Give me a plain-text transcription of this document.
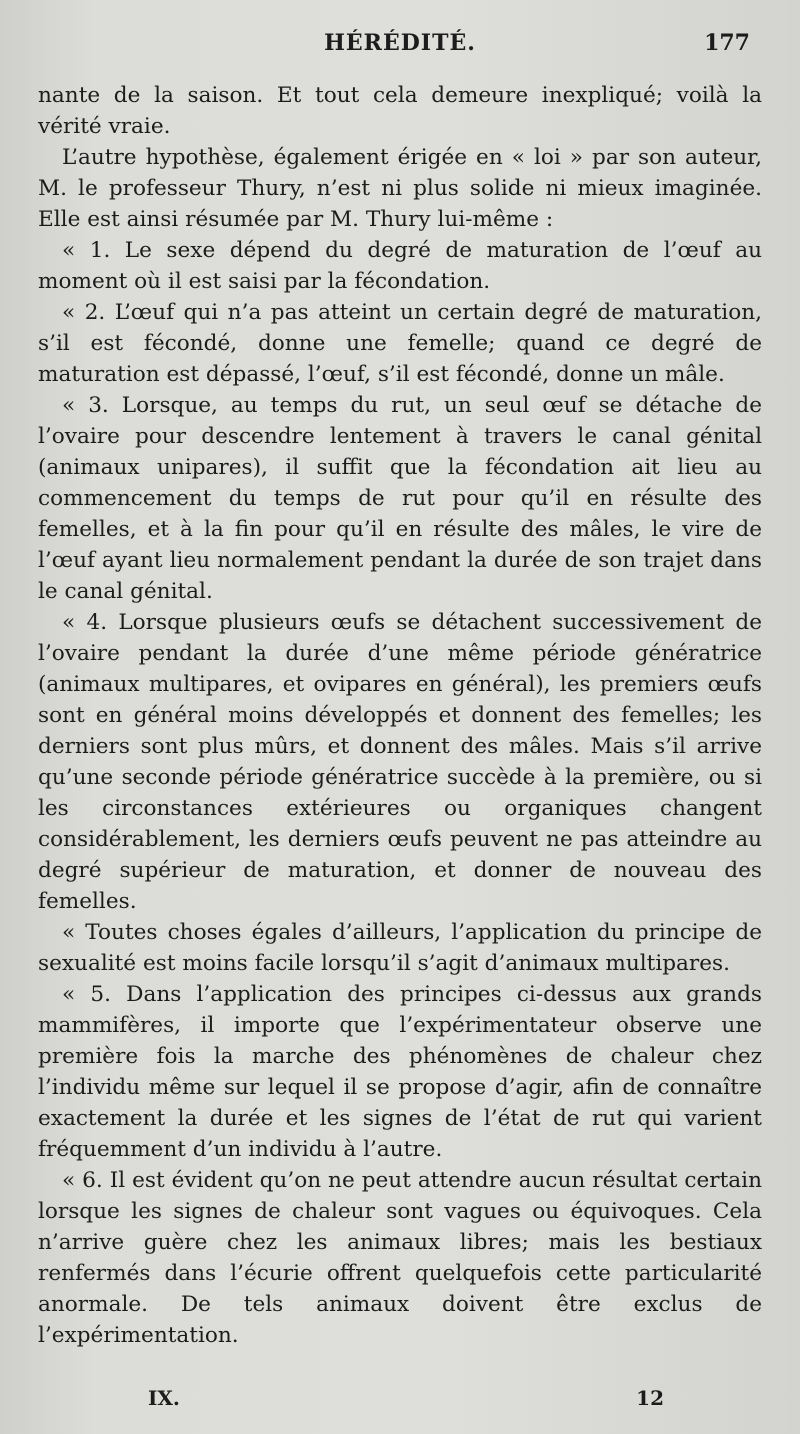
HÉRÉDITÉ.	177

nante de la saison. Et tout cela demeure inexpliqué; voilà la vérité vraie.

L’autre hypothèse, également érigée en « loi » par son auteur, M. le professeur Thury, n’est ni plus solide ni mieux imaginée. Elle est ainsi résumée par M. Thury lui-même :

« 1. Le sexe dépend du degré de maturation de l’œuf au moment où il est saisi par la fécondation.

« 2. L’œuf qui n’a pas atteint un certain degré de maturation, s’il est fécondé, donne une femelle; quand ce degré de maturation est dépassé, l’œuf, s’il est fécondé, donne un mâle.

« 3. Lorsque, au temps du rut, un seul œuf se détache de l’ovaire pour descendre lentement à travers le canal génital (animaux unipares), il suffit que la fécondation ait lieu au commencement du temps de rut pour qu’il en résulte des femelles, et à la fin pour qu’il en résulte des mâles, le vire de l’œuf ayant lieu normalement pendant la durée de son trajet dans le canal génital.

« 4. Lorsque plusieurs œufs se détachent successivement de l’ovaire pendant la durée d’une même période génératrice (animaux multipares, et ovipares en général), les premiers œufs sont en général moins développés et donnent des femelles; les derniers sont plus mûrs, et donnent des mâles. Mais s’il arrive qu’une seconde période génératrice succède à la première, ou si les circonstances extérieures ou organiques changent considérablement, les derniers œufs peuvent ne pas atteindre au degré supérieur de maturation, et donner de nouveau des femelles.

« Toutes choses égales d’ailleurs, l’application du principe de sexualité est moins facile lorsqu’il s’agit d’animaux multipares.

« 5. Dans l’application des principes ci-dessus aux grands mammifères, il importe que l’expérimentateur observe une première fois la marche des phénomènes de chaleur chez l’individu même sur lequel il se propose d’agir, afin de connaître exactement la durée et les signes de l’état de rut qui varient fréquemment d’un individu à l’autre.

« 6. Il est évident qu’on ne peut attendre aucun résultat certain lorsque les signes de chaleur sont vagues ou équivoques. Cela n’arrive guère chez les animaux libres; mais les bestiaux renfermés dans l’écurie offrent quelquefois cette particularité anormale. De tels animaux doivent être exclus de l’expérimentation.

IX.	12
